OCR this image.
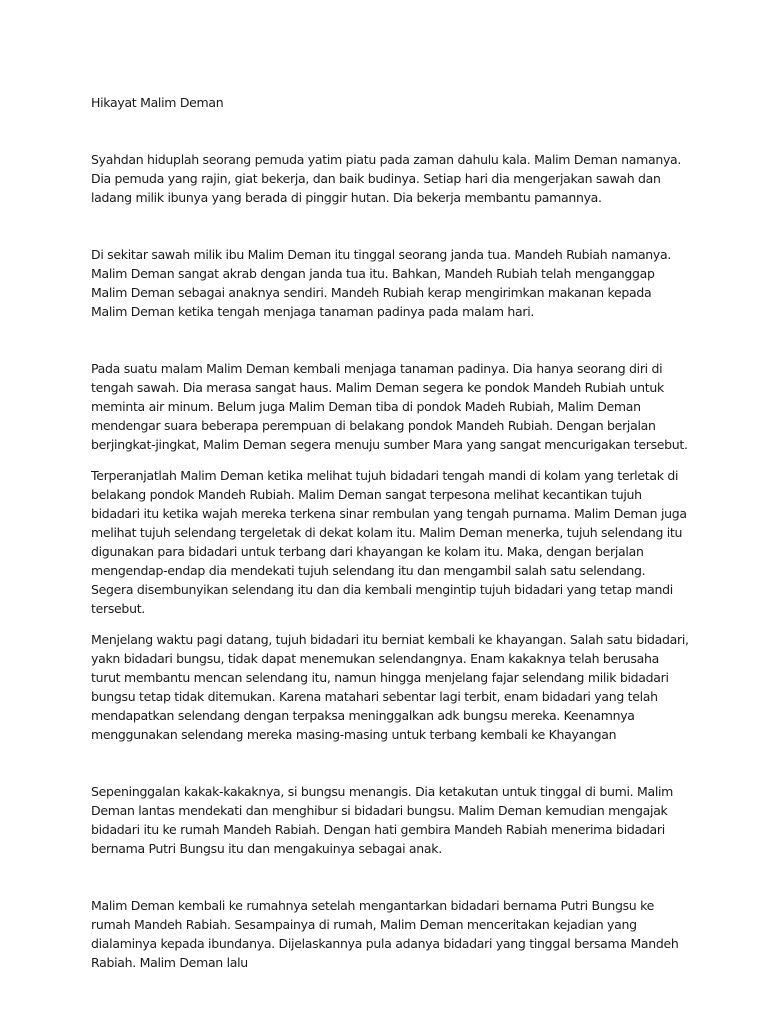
Hikayat Malim Deman

Syahdan hiduplah seorang pemuda yatim piatu pada zaman dahulu kala. Malim Deman namanya. Dia pemuda yang rajin, giat bekerja, dan baik budinya. Setiap hari dia mengerjakan sawah dan ladang milik ibunya yang berada di pinggir hutan. Dia bekerja membantu pamannya.

Di sekitar sawah milik ibu Malim Deman itu tinggal seorang janda tua. Mandeh Rubiah namanya. Malim Deman sangat akrab dengan janda tua itu. Bahkan, Mandeh Rubiah telah menganggap Malim Deman sebagai anaknya sendiri. Mandeh Rubiah kerap mengirimkan makanan kepada Malim Deman ketika tengah menjaga tanaman padinya pada malam hari.

Pada suatu malam Malim Deman kembali menjaga tanaman padinya. Dia hanya seorang diri di tengah sawah. Dia merasa sangat haus. Malim Deman segera ke pondok Mandeh Rubiah untuk meminta air minum. Belum juga Malim Deman tiba di pondok Madeh Rubiah, Malim Deman mendengar suara beberapa perempuan di belakang pondok Mandeh Rubiah. Dengan berjalan berjingkat-jingkat, Malim Deman segera menuju sumber Mara yang sangat mencurigakan tersebut.

Terperanjatlah Malim Deman ketika melihat tujuh bidadari tengah mandi di kolam yang terletak di belakang pondok Mandeh Rubiah. Malim Deman sangat terpesona melihat kecantikan tujuh bidadari itu ketika wajah mereka terkena sinar rembulan yang tengah purnama. Malim Deman juga melihat tujuh selendang tergeletak di dekat kolam itu. Malim Deman menerka, tujuh selendang itu digunakan para bidadari untuk terbang dari khayangan ke kolam itu. Maka, dengan berjalan mengendap-endap dia mendekati tujuh selendang itu dan mengambil salah satu selendang. Segera disembunyikan selendang itu dan dia kembali mengintip tujuh bidadari yang tetap mandi tersebut.

Menjelang waktu pagi datang, tujuh bidadari itu berniat kembali ke khayangan. Salah satu bidadari, yakn bidadari bungsu, tidak dapat menemukan selendangnya. Enam kakaknya telah berusaha turut membantu mencan selendang itu, namun hingga menjelang fajar selendang milik bidadari bungsu tetap tidak ditemukan. Karena matahari sebentar lagi terbit, enam bidadari yang telah mendapatkan selendang dengan terpaksa meninggalkan adk bungsu mereka. Keenamnya menggunakan selendang mereka masing-masing untuk terbang kembali ke Khayangan

Sepeninggalan kakak-kakaknya, si bungsu menangis. Dia ketakutan untuk tinggal di bumi. Malim Deman lantas mendekati dan menghibur si bidadari bungsu. Malim Deman kemudian mengajak bidadari itu ke rumah Mandeh Rabiah. Dengan hati gembira Mandeh Rabiah menerima bidadari bernama Putri Bungsu itu dan mengakuinya sebagai anak.

Malim Deman kembali ke rumahnya setelah mengantarkan bidadari bernama Putri Bungsu ke rumah Mandeh Rabiah. Sesampainya di rumah, Malim Deman menceritakan kejadian yang dialaminya kepada ibundanya. Dijelaskannya pula adanya bidadari yang tinggal bersama Mandeh Rabiah. Malim Deman lalu
